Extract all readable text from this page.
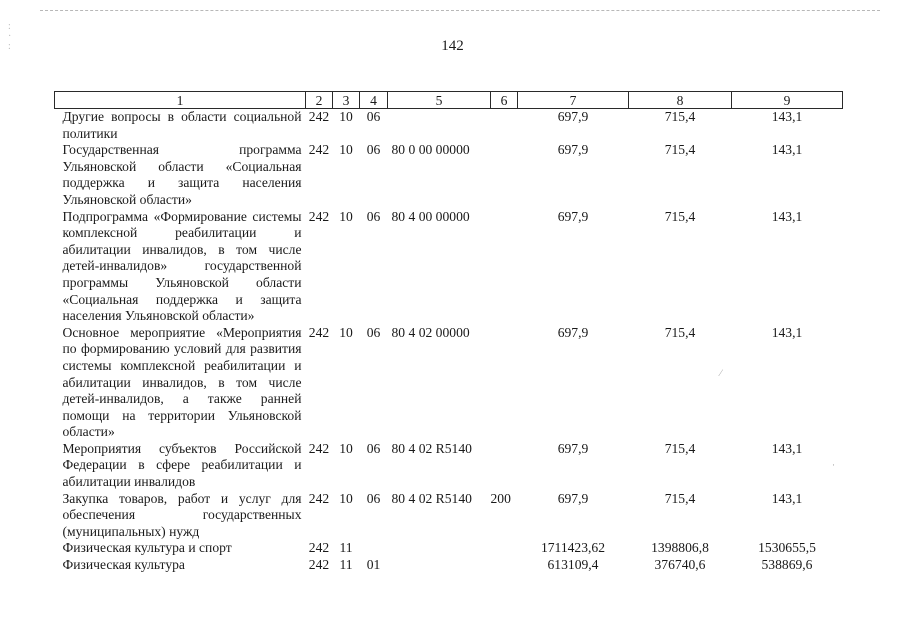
:
·
:	142
1	2	3	4	5	6	7	8	9
Другие вопросы в области социальной политики	242	10	06			697,9	715,4	143,1
Государственная программа Ульяновской области «Социальная поддержка и защита населения Ульяновской области»	242	10	06	80 0 00 00000		697,9	715,4	143,1
Подпрограмма «Формирование системы комплексной реабилитации и абилитации инвалидов, в том числе детей-инвалидов» государственной программы Ульяновской области «Социальная поддержка и защита населения Ульяновской области»	242	10	06	80 4 00 00000		697,9	715,4	143,1
Основное мероприятие «Мероприятия по формированию условий для развития системы комплексной реабилитации и абилитации инвалидов, в том числе детей-инвалидов, а также ранней помощи на территории Ульяновской области»	242	10	06	80 4 02 00000		697,9	715,4	143,1
Мероприятия субъектов Российской Федерации в сфере реабилитации и абилитации инвалидов	242	10	06	80 4 02 R5140		697,9	715,4	143,1
Закупка товаров, работ и услуг для обеспечения государственных (муниципальных) нужд	242	10	06	80 4 02 R5140	200	697,9	715,4	143,1
Физическая культура и спорт	242	11				1711423,62	1398806,8	1530655,5
Физическая культура	242	11	01			613109,4	376740,6	538869,6
⁄
·
